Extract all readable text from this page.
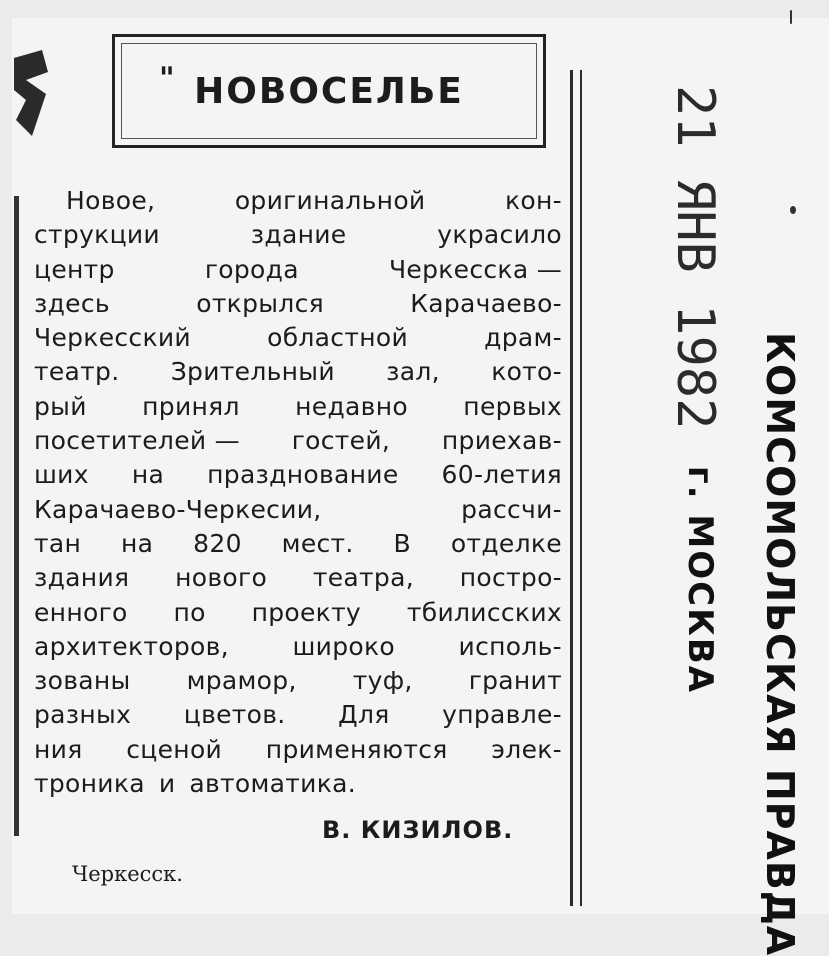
" НОВОСЕЛЬЕ
Новое,	оригинальной	кон-
струкции	здание	украсило
центр	города	Черкесска —
здесь	открылся	Карачаево-
Черкесский	областной	драм-
театр. Зрительный зал, кото-
рый принял недавно первых
посетителей — гостей, приехав-
ших на празднование 60-летия
Карачаево-Черкесии,	рассчи-
тан на 820 мест. В отделке
здания нового театра, постро-
енного по проекту тбилисских
архитекторов,	широко	исполь-
зованы мрамор, туф, гранит
разных цветов. Для управле-
ния сценой применяются элек-
троника и автоматика.
В. КИЗИЛОВ.
Черкесск.
21 ЯНВ 1982
КОМСОМОЛЬСКАЯ ПРАВДА
г. МОСКВА
